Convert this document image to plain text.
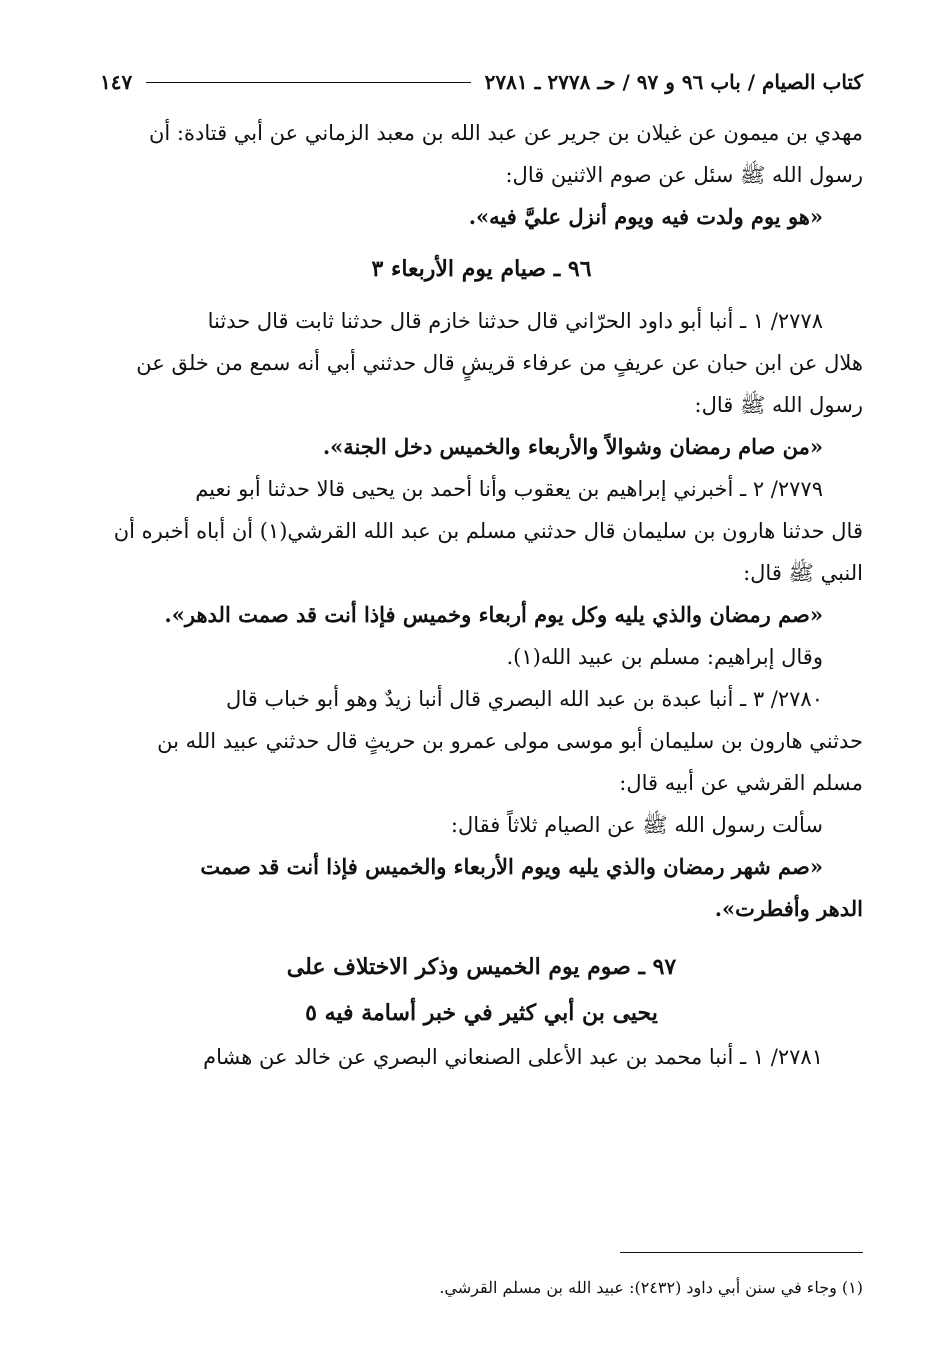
كتاب الصيام / باب ٩٦ و ٩٧ / حـ ٢٧٧٨ ـ ٢٧٨١
١٤٧
مهدي بن ميمون عن غيلان بن جرير عن عبد الله بن معبد الزماني عن أبي قتادة: أن
رسول الله ﷺ سئل عن صوم الاثنين قال:
«هو يوم ولدت فيه ويوم أنزل عليَّ فيه».
٩٦ ـ صيام يوم الأربعاء ٣
٢٧٧٨/ ١ ـ أنبا أبو داود الحرّاني قال حدثنا خازم قال حدثنا ثابت قال حدثنا
هلال عن ابن حبان عن عريفٍ من عرفاء قريشٍ قال حدثني أبي أنه سمع من خلق عن
رسول الله ﷺ قال:
«من صام رمضان وشوالاً والأربعاء والخميس دخل الجنة».
٢٧٧٩/ ٢ ـ أخبرني إبراهيم بن يعقوب وأنا أحمد بن يحيى قالا حدثنا أبو نعيم
قال حدثنا هارون بن سليمان قال حدثني مسلم بن عبد الله القرشي(١) أن أباه أخبره أن
النبي ﷺ قال:
«صم رمضان والذي يليه وكل يوم أربعاء وخميس فإذا أنت قد صمت الدهر».
وقال إبراهيم: مسلم بن عبيد الله(١).
٢٧٨٠/ ٣ ـ أنبا عبدة بن عبد الله البصري قال أنبا زيدٌ وهو أبو خباب قال
حدثني هارون بن سليمان أبو موسى مولى عمرو بن حريثٍ قال حدثني عبيد الله بن
مسلم القرشي عن أبيه قال:
سألت رسول الله ﷺ عن الصيام ثلاثاً فقال:
«صم شهر رمضان والذي يليه ويوم الأربعاء والخميس فإذا أنت قد صمت
الدهر وأفطرت».
٩٧ ـ صوم يوم الخميس وذكر الاختلاف على
يحيى بن أبي كثير في خبر أسامة فيه ٥
٢٧٨١/ ١ ـ أنبا محمد بن عبد الأعلى الصنعاني البصري عن خالد عن هشام
(١) وجاء في سنن أبي داود (٢٤٣٢): عبيد الله بن مسلم القرشي.
